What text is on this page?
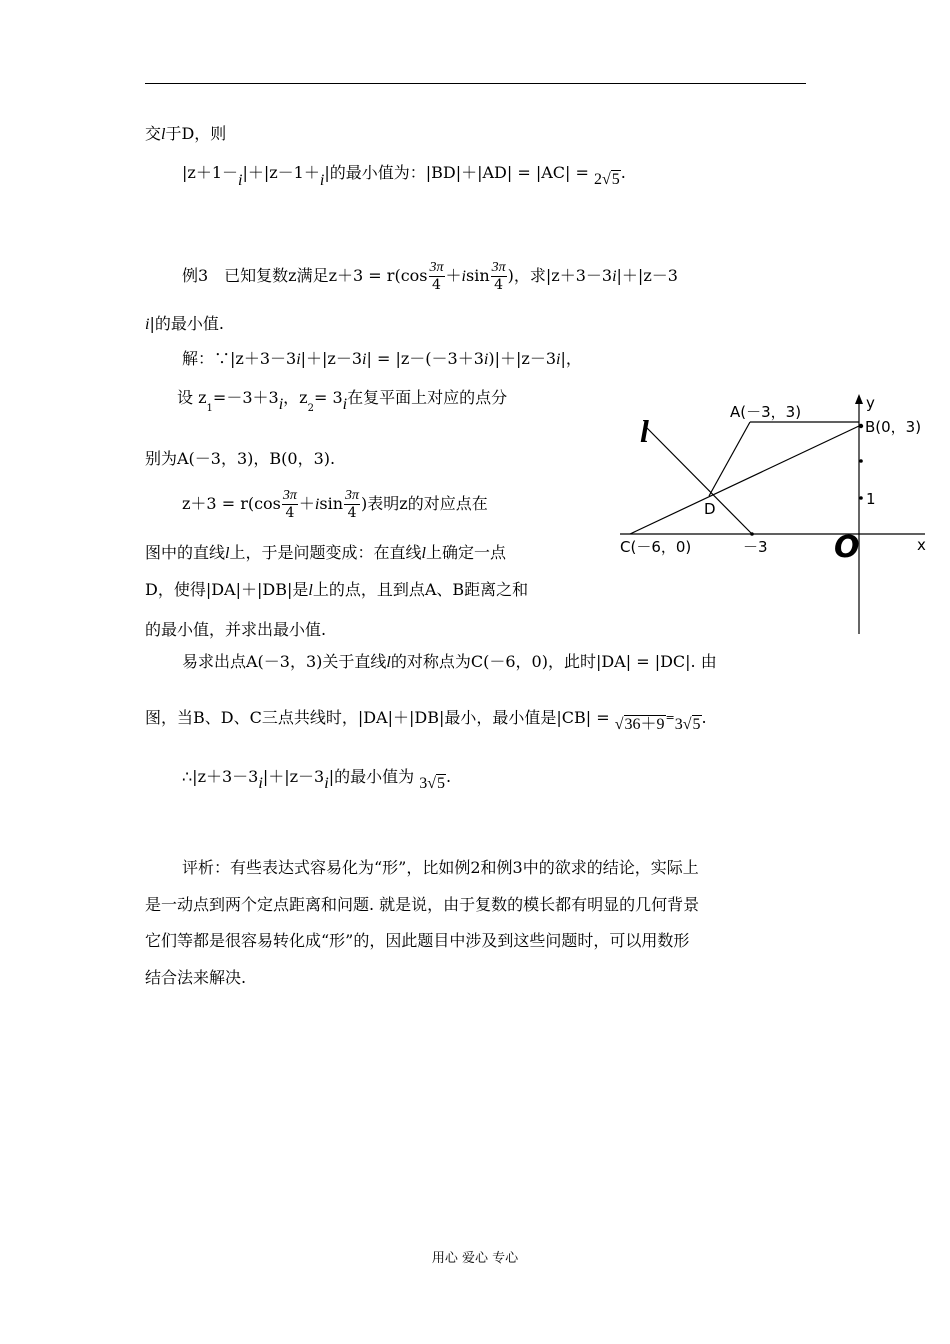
交l于D，则
|z＋1－i|＋|z－1＋i|的最小值为：|BD|＋|AD| = |AC| = 2√5.
例3　已知复数z满足$z+3 = r(\cos \frac{3\pi}{4} +isin \frac{3\pi}{4}$ )，求|z＋3－3i|＋|z－3
i|的最小值.
解：∵|z＋3－3i|＋|z－3i| = |z－(－3＋3i)|＋|z－3i|，
设 $z_1=-3+3i$，$z_2= 3i$在复平面上对应的点分
别为A(－3，3)，B(0，3).
$z+3 = r(\cos \frac{3\pi}{4} +isin \frac{3\pi}{4}$ )表明z的对应点在
图中的直线l上，于是问题变成：在直线l上确定一点
D，使得|DA|＋|DB|是l上的点，且到点A、B距离之和
的最小值，并求出最小值.
易求出点A(－3，3)关于直线l的对称点为C(－6，0)，此时|DA| = |DC|. 由
图，当B、D、C三点共线时，|DA|＋|DB|最小，最小值是|CB| = √36＋9=3√5.
∴|z＋3－3i|＋|z－3i|的最小值为 3√5.
评析：有些表达式容易化为“形”，比如例2和例3中的欲求的结论，实际上
是一动点到两个定点距离和问题. 就是说，由于复数的模长都有明显的几何背景
它们等都是很容易转化成“形”的，因此题目中涉及到这些问题时，可以用数形
结合法来解决.
A(－3，3)
B(0，3)
C(－6，0)
D
－3
1
O	x
y
l
用心 爱心 专心
